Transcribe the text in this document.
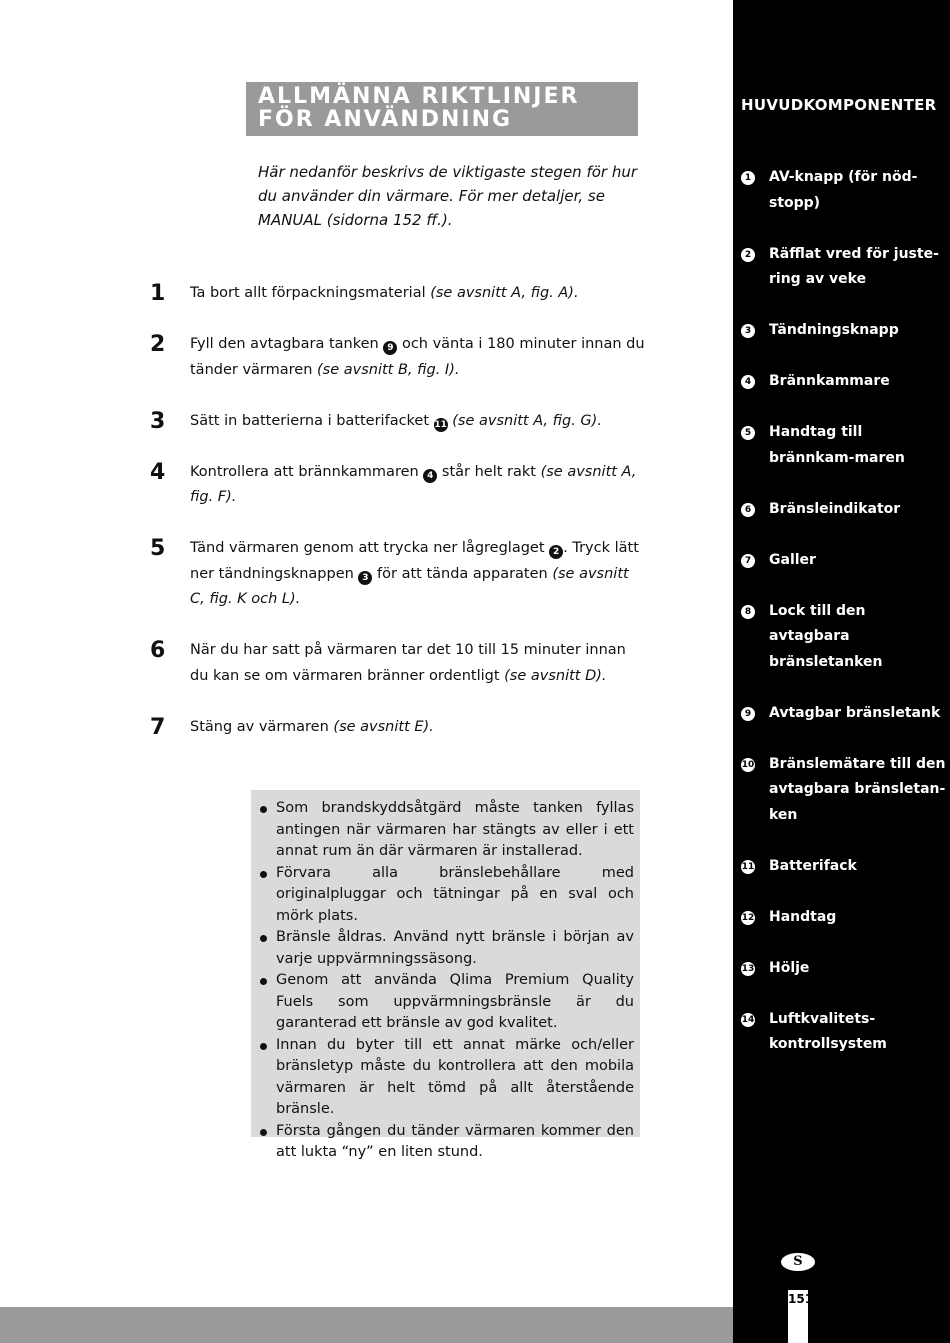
ALLMÄNNA RIKTLINJER FÖR ANVÄNDNING
Här nedanför beskrivs de viktigaste stegen för hur du använder din värmare. För mer detaljer, se MANUAL (sidorna 152 ff.).
1	Ta bort allt förpackningsmaterial (se avsnitt A, fig. A).
2	Fyll den avtagbara tanken 9 och vänta i 180 minuter innan du tänder värmaren (se avsnitt B, fig. I).
3	Sätt in batterierna i batterifacket 11 (se avsnitt A, fig. G).
4	Kontrollera att brännkammaren 4 står helt rakt (se avsnitt A, fig. F).
5	Tänd värmaren genom att trycka ner lågreglaget 2 . Tryck lätt ner tändningsknappen 3 för att tända apparaten (se avsnitt C, fig. K och L).
6	När du har satt på värmaren tar det 10 till 15 minuter innan du kan se om värmaren bränner ordentligt (se avsnitt D).
7	Stäng av värmaren (se avsnitt E).
Som brandskyddsåtgärd måste tanken fyllas antingen när värmaren har stängts av eller i ett annat rum än där värmaren är installerad.
Förvara alla bränslebehållare med originalpluggar och tätningar på en sval och mörk plats.
Bränsle åldras. Använd nytt bränsle i början av varje uppvärmningssäsong.
Genom att använda Qlima Premium Quality Fuels som uppvärmningsbränsle är du garanterad ett bränsle av god kvalitet.
Innan du byter till ett annat märke och/eller bränsletyp måste du kontrollera att den mobila värmaren är helt tömd på allt återstående bränsle.
Första gången du tänder värmaren kommer den att lukta “ny” en liten stund.
HUVUDKOMPONENTER
1 AV-knapp (för nöd-stopp)
2 Räfflat vred för juste-ring av veke
3 Tändningsknapp
4 Brännkammare
5 Handtag till brännkam-maren
6 Bränsleindikator
7 Galler
8 Lock till den avtagbara bränsletanken
9 Avtagbar bränsletank
10 Bränslemätare till den avtagbara bränsletan-ken
11 Batterifack
12 Handtag
13 Hölje
14 Luftkvalitets-kontrollsystem
S
151
